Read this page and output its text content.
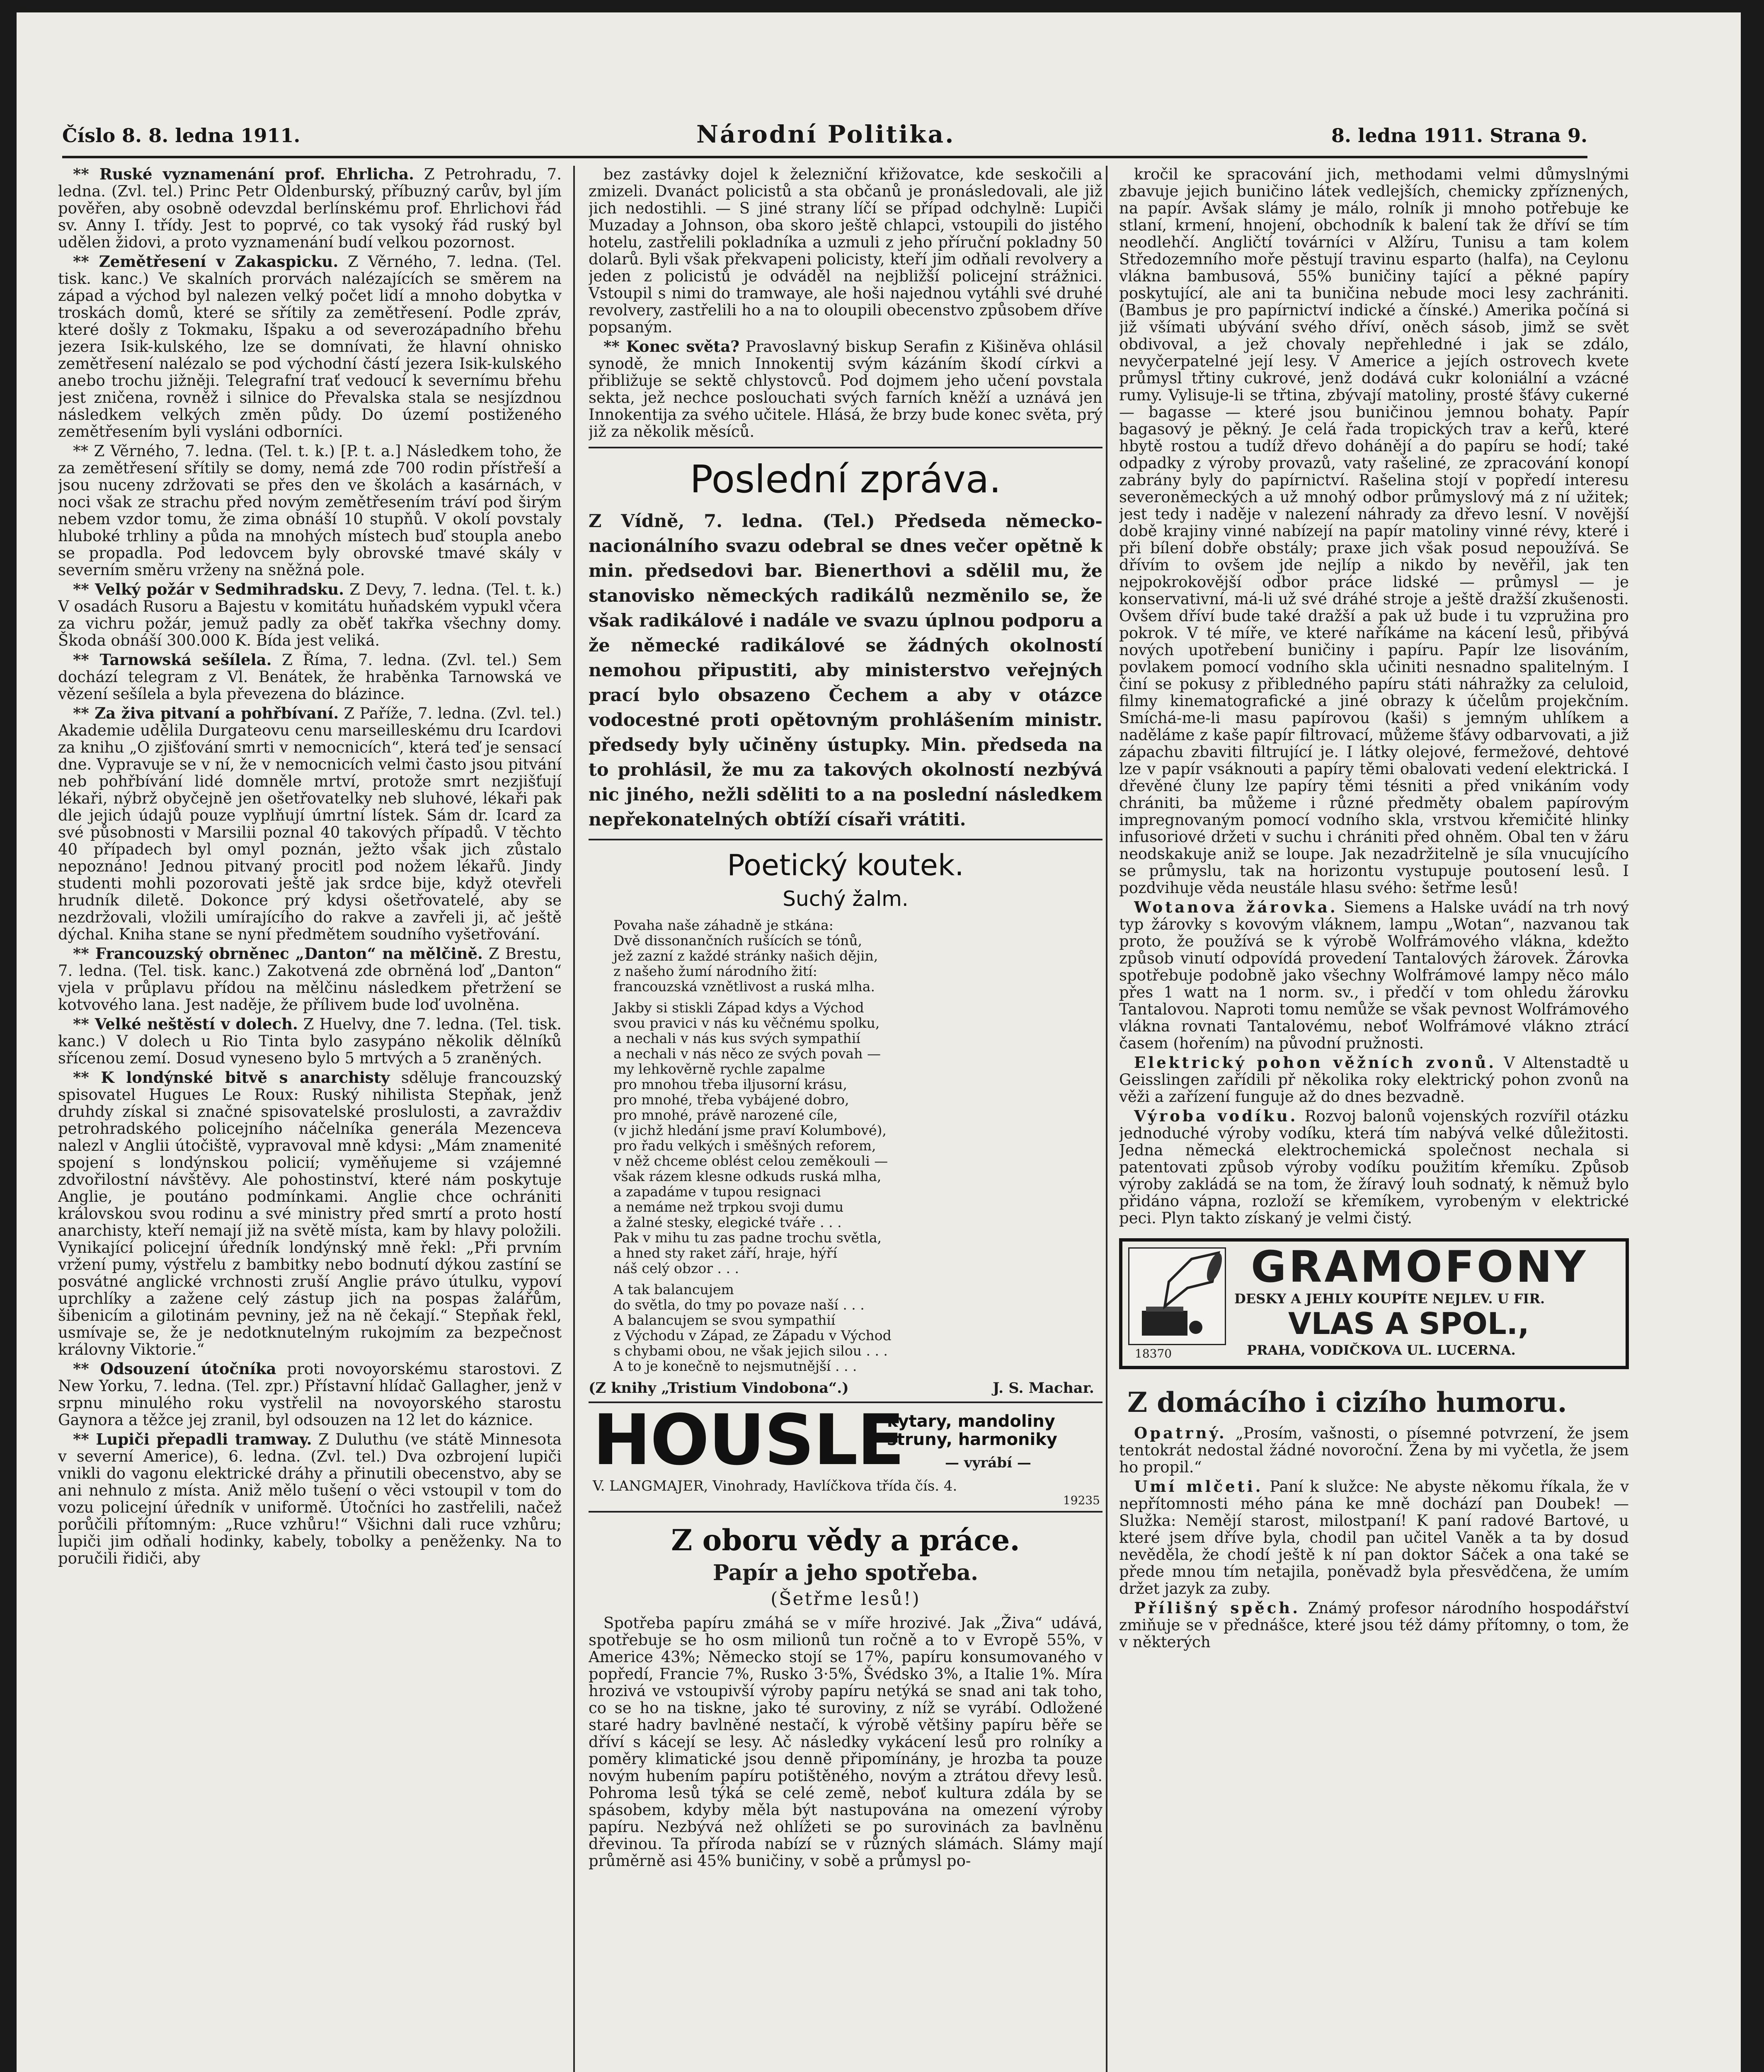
Číslo 8. 8. ledna 1911.	Národní Politika.	8. ledna 1911. Strana 9.

** Ruské vyznamenání prof. Ehrlicha. Z Petrohradu, 7. ledna. (Zvl. tel.) Princ Petr Oldenburský, příbuzný carův, byl jím pověřen, aby osobně odevzdal berlínskému prof. Ehrlichovi řád sv. Anny I. třídy. Jest to poprvé, co tak vysoký řád ruský byl udělen židovi, a proto vyznamenání budí velkou pozornost.

** Zemětřesení v Zakaspicku. Z Věrného, 7. ledna. (Tel. tisk. kanc.) Ve skalních prorvách nalézajících se směrem na západ a východ byl nalezen velký počet lidí a mnoho dobytka v troskách domů, které se sřítily za zemětřesení. Podle zpráv, které došly z Tokmaku, Išpaku a od severozápadního břehu jezera Isik-kulského, lze se domnívati, že hlavní ohnisko zemětřesení nalézalo se pod východní částí jezera Isik-kulského anebo trochu jižněji. Telegrafní trať vedoucí k severnímu břehu jest zničena, rovněž i silnice do Převalska stala se nesjízdnou následkem velkých změn půdy. Do území postiženého zemětřesením byli vysláni odborníci.

** Z Věrného, 7. ledna. (Tel. t. k.) [P. t. a.] Následkem toho, že za zemětřesení sřítily se domy, nemá zde 700 rodin přístřeší a jsou nuceny zdržovati se přes den ve školách a kasárnách, v noci však ze strachu před novým zemětřesením tráví pod širým nebem vzdor tomu, že zima obnáší 10 stupňů. V okolí povstaly hluboké trhliny a půda na mnohých místech buď stoupla anebo se propadla. Pod ledovcem byly obrovské tmavé skály v severním směru vrženy na sněžná pole.

** Velký požár v Sedmihradsku. Z Devy, 7. ledna. (Tel. t. k.) V osadách Rusoru a Bajestu v komitátu huňadském vypukl včera za vichru požár, jemuž padly za oběť takřka všechny domy. Škoda obnáší 300.000 K. Bída jest veliká.

** Tarnowská sešílela. Z Říma, 7. ledna. (Zvl. tel.) Sem dochází telegram z Vl. Benátek, že hraběnka Tarnowská ve vězení sešílela a byla převezena do blázince.

** Za živa pitvaní a pohřbívaní. Z Paříže, 7. ledna. (Zvl. tel.) Akademie udělila Durgateovu cenu marseilleskému dru Icardovi za knihu „O zjišťování smrti v nemocnicích“, která teď je sensací dne. Vypravuje se v ní, že v nemocnicích velmi často jsou pitvání neb pohřbívání lidé domněle mrtví, protože smrt nezjišťují lékaři, nýbrž obyčejně jen ošetřovatelky neb sluhové, lékaři pak dle jejich údajů pouze vyplňují úmrtní lístek. Sám dr. Icard za své působnosti v Marsilii poznal 40 takových případů. V těchto 40 případech byl omyl poznán, ježto však jich zůstalo nepoznáno! Jednou pitvaný procitl pod nožem lékařů. Jindy studenti mohli pozorovati ještě jak srdce bije, když otevřeli hrudník diletě. Dokonce prý kdysi ošetřovatelé, aby se nezdržovali, vložili umírajícího do rakve a zavřeli ji, ač ještě dýchal. Kniha stane se nyní předmětem soudního vyšetřování.

** Francouzský obrněnec „Danton“ na mělčině. Z Brestu, 7. ledna. (Tel. tisk. kanc.) Zakotvená zde obrněná loď „Danton“ vjela v průplavu přídou na mělčinu následkem přetržení se kotvového lana. Jest naděje, že přílivem bude loď uvolněna.

** Velké neštěstí v dolech. Z Huelvy, dne 7. ledna. (Tel. tisk. kanc.) V dolech u Rio Tinta bylo zasypáno několik dělníků sřícenou zemí. Dosud vyneseno bylo 5 mrtvých a 5 zraněných.

** K londýnské bitvě s anarchisty sděluje francouzský spisovatel Hugues Le Roux: Ruský nihilista Stepňak, jenž druhdy získal si značné spisovatelské proslulosti, a zavraždiv petrohradského policejního náčelníka generála Mezenceva nalezl v Anglii útočiště, vypravoval mně kdysi: „Mám znamenité spojení s londýnskou policií; vyměňujeme si vzájemné zdvořilostní návštěvy. Ale pohostinství, které nám poskytuje Anglie, je poutáno podmínkami. Anglie chce ochrániti královskou svou rodinu a své ministry před smrtí a proto hostí anarchisty, kteří nemají již na světě místa, kam by hlavy položili. Vynikající policejní úředník londýnský mně řekl: „Při prvním vržení pumy, výstřelu z bambitky nebo bodnutí dýkou zastíní se posvátné anglické vrchnosti zruší Anglie právo útulku, vypoví uprchlíky a zažene celý zástup jich na pospas žalářům, šibenicím a gilotinám pevniny, jež na ně čekají.“ Stepňak řekl, usmívaje se, že je nedotknutelným rukojmím za bezpečnost královny Viktorie.“

** Odsouzení útočníka proti novoyorskému starostovi. Z New Yorku, 7. ledna. (Tel. zpr.) Přístavní hlídač Gallagher, jenž v srpnu minulého roku vystřelil na novoyorského starostu Gaynora a těžce jej zranil, byl odsouzen na 12 let do káznice.

** Lupiči přepadli tramway. Z Duluthu (ve státě Minnesota v severní Americe), 6. ledna. (Zvl. tel.) Dva ozbrojení lupiči vnikli do vagonu elektrické dráhy a přinutili obecenstvo, aby se ani nehnulo z místa. Aniž mělo tušení o věci vstoupil v tom do vozu policejní úředník v uniformě. Útočníci ho zastřelili, načež porůčili přítomným: „Ruce vzhůru!“ Všichni dali ruce vzhůru; lupiči jim odňali hodinky, kabely, tobolky a peněženky. Na to poručili řidiči, aby

bez zastávky dojel k železniční křižovatce, kde seskočili a zmizeli. Dvanáct policistů a sta občanů je pronásledovali, ale již jich nedostihli. — S jiné strany líčí se případ odchylně: Lupiči Muzaday a Johnson, oba skoro ještě chlapci, vstoupili do jistého hotelu, zastřelili pokladníka a uzmuli z jeho příruční pokladny 50 dolarů. Byli však překvapeni policisty, kteří jim odňali revolvery a jeden z policistů je odváděl na nejbližší policejní strážnici. Vstoupil s nimi do tramwaye, ale hoši najednou vytáhli své druhé revolvery, zastřelili ho a na to oloupili obecenstvo způsobem dříve popsaným.

** Konec světa? Pravoslavný biskup Serafin z Kišiněva ohlásil synodě, že mnich Innokentij svým kázáním škodí církvi a přibližuje se sektě chlystovců. Pod dojmem jeho učení povstala sekta, jež nechce poslouchati svých farních kněží a uznává jen Innokentija za svého učitele. Hlásá, že brzy bude konec světa, prý již za několik měsíců.

Poslední zpráva.
Z Vídně, 7. ledna. (Tel.) Předseda německo-nacionálního svazu odebral se dnes večer opětně k min. předsedovi bar. Bienerthovi a sdělil mu, že stanovisko německých radikálů nezměnilo se, že však radikálové i nadále ve svazu úplnou podporu a že německé radikálové se žádných okolností nemohou připustiti, aby ministerstvo veřejných prací bylo obsazeno Čechem a aby v otázce vodocestné proti opětovným prohlášením ministr. předsedy byly učiněny ústupky. Min. předseda na to prohlásil, že mu za takových okolností nezbývá nic jiného, nežli sděliti to a na poslední následkem nepřekonatelných obtíží císaři vrátiti.
Poetický koutek.
Suchý žalm.

Povaha naše záhadně je stkána:
Dvě dissonančních rušících se tónů,
jež zazní z každé stránky našich dějin,
z našeho žumí národního žití:
francouzská vznětlivost a ruská mlha.

Jakby si stiskli Západ kdys a Východ
svou pravici v nás ku věčnému spolku,
a nechali v nás kus svých sympathií
a nechali v nás něco ze svých povah —
my lehkověrně rychle zapalme
pro mnohou třeba iljusorní krásu,
pro mnohé, třeba vybájené dobro,
pro mnohé, právě narozené cíle,
(v jichž hledání jsme praví Kolumbové),
pro řadu velkých i směšných reforem,
v něž chceme oblést celou zeměkouli —
však rázem klesne odkuds ruská mlha,
a zapadáme v tupou resignaci
a nemáme než trpkou svoji dumu
a žalné stesky, elegické tváře . . .
Pak v mihu tu zas padne trochu světla,
a hned sty raket září, hraje, hýří
náš celý obzor . . .

A tak balancujem
do světla, do tmy po povaze naší . . .
A balancujem se svou sympathií
z Východu v Západ, ze Západu v Východ
s chybami obou, ne však jejich silou . . .
A to je konečně to nejsmutnější . . .

(Z knihy „Tristium Vindobona“.)	J. S. Machar.
HOUSLE
kytary, mandoliny
struny, harmoniky
— vyrábí —
V. LANGMAJER, Vinohrady, Havlíčkova třída čís. 4.
19235
Z oboru vědy a práce.
Papír a jeho spotřeba.
(Šetřme lesů!)

Spotřeba papíru zmáhá se v míře hrozivé. Jak „Živa“ udává, spotřebuje se ho osm milionů tun ročně a to v Evropě 55%, v Americe 43%; Německo stojí se 17%, papíru konsumovaného v popředí, Francie 7%, Rusko 3·5%, Švédsko 3%, a Italie 1%. Míra hrozivá ve vstoupivší výroby papíru netýká se snad ani tak toho, co se ho na tiskne, jako té suroviny, z níž se vyrábí. Odložené staré hadry bavlněné nestačí, k výrobě většiny papíru běře se dříví s kácejí se lesy. Ač následky vykácení lesů pro rolníky a poměry klimatické jsou denně připomínány, je hrozba ta pouze novým hubením papíru potištěného, novým a ztrátou dřevy lesů. Pohroma lesů týká se celé země, neboť kultura zdála by se spásobem, kdyby měla být nastupována na omezení výroby papíru. Nezbývá než ohlížeti se po surovinách za bavlněnu dřevinou. Ta příroda nabízí se v různých slámách. Slámy mají průměrně asi 45% buničiny, v sobě a průmysl po-

kročil ke spracování jich, methodami velmi důmyslnými zbavuje jejich buničino látek vedlejších, chemicky zpříznených, na papír. Avšak slámy je málo, rolník ji mnoho potřebuje ke stlaní, krmení, hnojení, obchodník k balení tak že dříví se tím neodlehčí. Angličtí továrníci v Alžíru, Tunisu a tam kolem Středozemního moře pěstují travinu esparto (halfa), na Ceylonu vlákna bambusová, 55% buničiny tající a pěkné papíry poskytující, ale ani ta buničina nebude moci lesy zachrániti. (Bambus je pro papírnictví indické a čínské.) Amerika počíná si již všímati ubývání svého dříví, oněch sásob, jimž se svět obdivoval, a jež chovaly nepřehledné i jak se zdálo, nevyčerpatelné její lesy. V Americe a jejích ostrovech kvete průmysl třtiny cukrové, jenž dodává cukr koloniální a vzácné rumy. Vylisuje-li se třtina, zbývají matoliny, prosté šťávy cukerné — bagasse — které jsou buničinou jemnou bohaty. Papír bagasový je pěkný. Je celá řada tropických trav a keřů, které hbytě rostou a tudíž dřevo dohánějí a do papíru se hodí; také odpadky z výroby provazů, vaty rašeliné, ze zpracování konopí zabrány byly do papírnictví. Rašelina stojí v popředí interesu severoněmeckých a už mnohý odbor průmyslový má z ní užitek; jest tedy i naděje v nalezení náhrady za dřevo lesní. V novější době krajiny vinné nabízejí na papír matoliny vinné révy, které i při bílení dobře obstály; praxe jich však posud nepoužívá. Se dřívím to ovšem jde nejlíp a nikdo by nevěřil, jak ten nejpokrokovější odbor práce lidské — průmysl — je konservativní, má-li už své dráhé stroje a ještě dražší zkušenosti. Ovšem dříví bude také dražší a pak už bude i tu vzpružina pro pokrok. V té míře, ve které naříkáme na kácení lesů, přibývá nových upotřebení buničiny i papíru. Papír lze lisováním, povlakem pomocí vodního skla učiniti nesnadno spalitelným. I činí se pokusy z přibledného papíru státi náhražky za celuloid, filmy kinematografické a jiné obrazy k účelům projekčním. Smíchá-me-li masu papírovou (kaši) s jemným uhlíkem a naděláme z kaše papír filtrovací, můžeme šťávy odbarvovati, a již zápachu zbaviti filtrující je. I látky olejové, fermežové, dehtové lze v papír vsáknouti a papíry těmi obalovati vedení elektrická. I dřevěné čluny lze papíry těmi tésniti a před vnikáním vody chrániti, ba můžeme i různé předměty obalem papírovým impregnovaným pomocí vodního skla, vrstvou křemičité hlinky infusoriové držeti v suchu i chrániti před ohněm. Obal ten v žáru neodskakuje aniž se loupe. Jak nezadržitelně je síla vnucujícího se průmyslu, tak na horizontu vystupuje poutosení lesů. I pozdvihuje věda neustále hlasu svého: šetřme lesů!

Wotanova žárovka. Siemens a Halske uvádí na trh nový typ žárovky s kovovým vláknem, lampu „Wotan“, nazvanou tak proto, že používá se k výrobě Wolfrámového vlákna, kdežto způsob vinutí odpovídá provedení Tantalových žárovek. Žárovka spotřebuje podobně jako všechny Wolfrámové lampy něco málo přes 1 watt na 1 norm. sv., i předčí v tom ohledu žárovku Tantalovou. Naproti tomu nemůže se však pevnost Wolfrámového vlákna rovnati Tantalovému, neboť Wolfrámové vlákno ztrácí časem (hořením) na původní pružnosti.

Elektrický pohon věžních zvonů. V Altenstadtě u Geisslingen zařídili př několika roky elektrický pohon zvonů na věži a zařízení funguje až do dnes bezvadně.

Výroba vodíku. Rozvoj balonů vojenských rozvířil otázku jednoduché výroby vodíku, která tím nabývá velké důležitosti. Jedna německá elektrochemická společnost nechala si patentovati způsob výroby vodíku použitím křemíku. Způsob výroby zakládá se na tom, že žíravý louh sodnatý, k němuž bylo přidáno vápna, rozloží se křemíkem, vyrobeným v elektrické peci. Plyn takto získaný je velmi čistý.

18370
GRAMOFONY
DESKY A JEHLY KOUPÍTE NEJLEV. U FIR.
VLAS A SPOL.,
PRAHA, VODIČKOVA UL. LUCERNA.
Z domácího i cizího humoru.

Opatrný. „Prosím, vašnosti, o písemné potvrzení, že jsem tentokrát nedostal žádné novoroční. Žena by mi vyčetla, že jsem ho propil.“

Umí mlčeti. Paní k služce: Ne abyste někomu říkala, že v nepřítomnosti mého pána ke mně dochází pan Doubek! — Služka: Nemějí starost, milostpaní! K paní radové Bartové, u které jsem dříve byla, chodil pan učitel Vaněk a ta by dosud nevěděla, že chodí ještě k ní pan doktor Sáček a ona také se přede mnou tím netajila, poněvadž byla přesvědčena, že umím držet jazyk za zuby.

Přílišný spěch. Známý profesor národního hospodářství zmiňuje se v přednášce, které jsou též dámy přítomny, o tom, že v některých
